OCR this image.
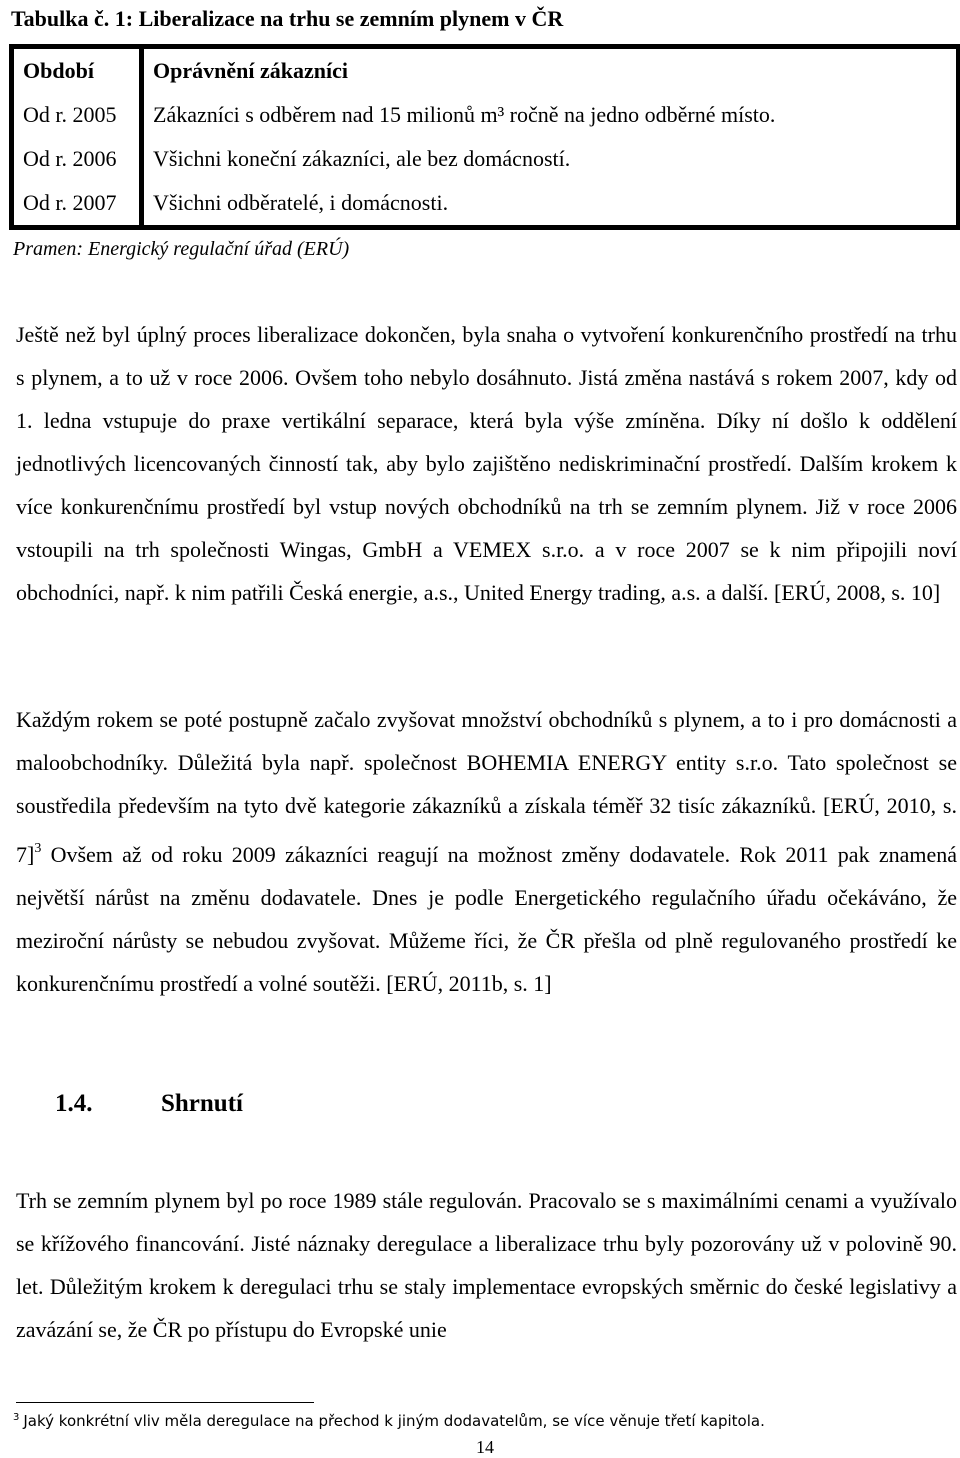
Tabulka č. 1: Liberalizace na trhu se zemním plynem v ČR
Období	Oprávnění zákazníci
Od r. 2005	Zákazníci s odběrem nad 15 milionů m³ ročně na jedno odběrné místo.
Od r. 2006	Všichni koneční zákazníci, ale bez domácností.
Od r. 2007	Všichni odběratelé, i domácnosti.
Pramen: Energický regulační úřad (ERÚ)

Ještě než byl úplný proces liberalizace dokončen, byla snaha o vytvoření konkurenčního prostředí na trhu s plynem, a to už v roce 2006. Ovšem toho nebylo dosáhnuto. Jistá změna nastává s rokem 2007, kdy od 1. ledna vstupuje do praxe vertikální separace, která byla výše zmíněna. Díky ní došlo k oddělení jednotlivých licencovaných činností tak, aby bylo zajištěno nediskriminační prostředí. Dalším krokem k více konkurenčnímu prostředí byl vstup nových obchodníků na trh se zemním plynem. Již v roce 2006 vstoupili na trh společnosti Wingas, GmbH a VEMEX s.r.o. a v roce 2007 se k nim připojili noví obchodníci, např. k nim patřili Česká energie, a.s., United Energy trading, a.s. a další. [ERÚ, 2008, s. 10]

Každým rokem se poté postupně začalo zvyšovat množství obchodníků s plynem, a to i pro domácnosti a maloobchodníky. Důležitá byla např. společnost BOHEMIA ENERGY entity s.r.o. Tato společnost se soustředila především na tyto dvě kategorie zákazníků a získala téměř 32 tisíc zákazníků. [ERÚ, 2010, s. 7]$^3$ Ovšem až od roku 2009 zákazníci reagují na možnost změny dodavatele. Rok 2011 pak znamená největší nárůst na změnu dodavatele. Dnes je podle Energetického regulačního úřadu očekáváno, že meziroční nárůsty se nebudou zvyšovat. Můžeme říci, že ČR přešla od plně regulovaného prostředí ke konkurenčnímu prostředí a volné soutěži. [ERÚ, 2011b, s. 1]

1.4.	Shrnutí

Trh se zemním plynem byl po roce 1989 stále regulován. Pracovalo se s maximálními cenami a využívalo se křížového financování. Jisté náznaky deregulace a liberalizace trhu byly pozorovány už v polovině 90. let. Důležitým krokem k deregulaci trhu se staly implementace evropských směrnic do české legislativy a zavázání se, že ČR po přístupu do Evropské unie

$^3$ Jaký konkrétní vliv měla deregulace na přechod k jiným dodavatelům, se více věnuje třetí kapitola.
14
